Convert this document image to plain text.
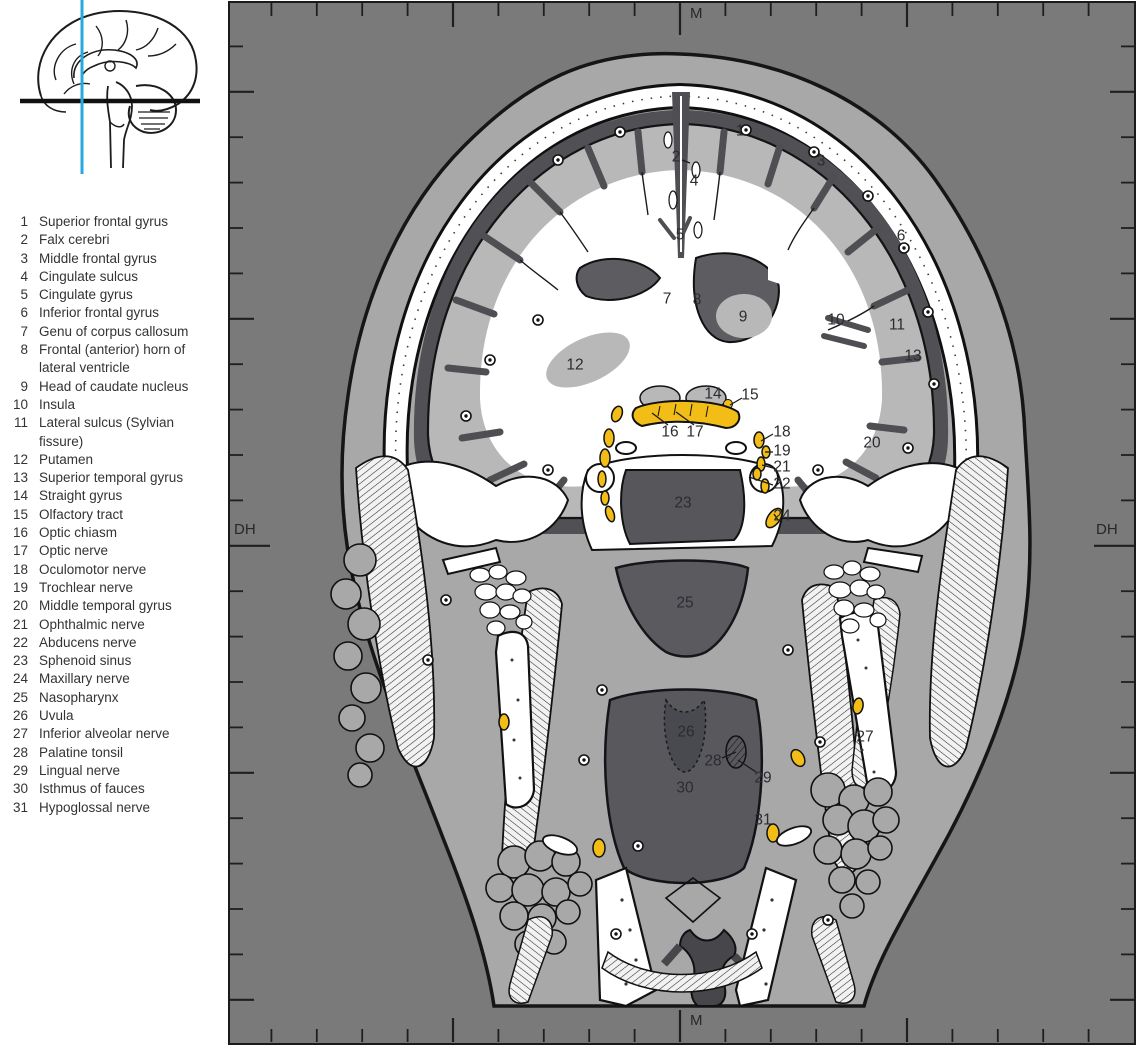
1 Superior frontal gyrus
2 Falx cerebri
3 Middle frontal gyrus
4 Cingulate sulcus
5 Cingulate gyrus
6 Inferior frontal gyrus
7 Genu of corpus callosum
8 Frontal (anterior) horn of lateral ventricle
9 Head of caudate nucleus
10 Insula
11 Lateral sulcus (Sylvian fissure)
12 Putamen
13 Superior temporal gyrus
14 Straight gyrus
15 Olfactory tract
16 Optic chiasm
17 Optic nerve
18 Oculomotor nerve
19 Trochlear nerve
20 Middle temporal gyrus
21 Ophthalmic nerve
22 Abducens nerve
23 Sphenoid sinus
24 Maxillary nerve
25 Nasopharynx
26 Uvula
27 Inferior alveolar nerve
28 Palatine tonsil
29 Lingual nerve
30 Isthmus of fauces
31 Hypoglossal nerve
M
M
DH	DH
1
2	3
4
5	6
7 8
9	10	11
12
13
14 15
16 17	18
19	20
21
22
23
24
25
26	27
28
29
30
31
